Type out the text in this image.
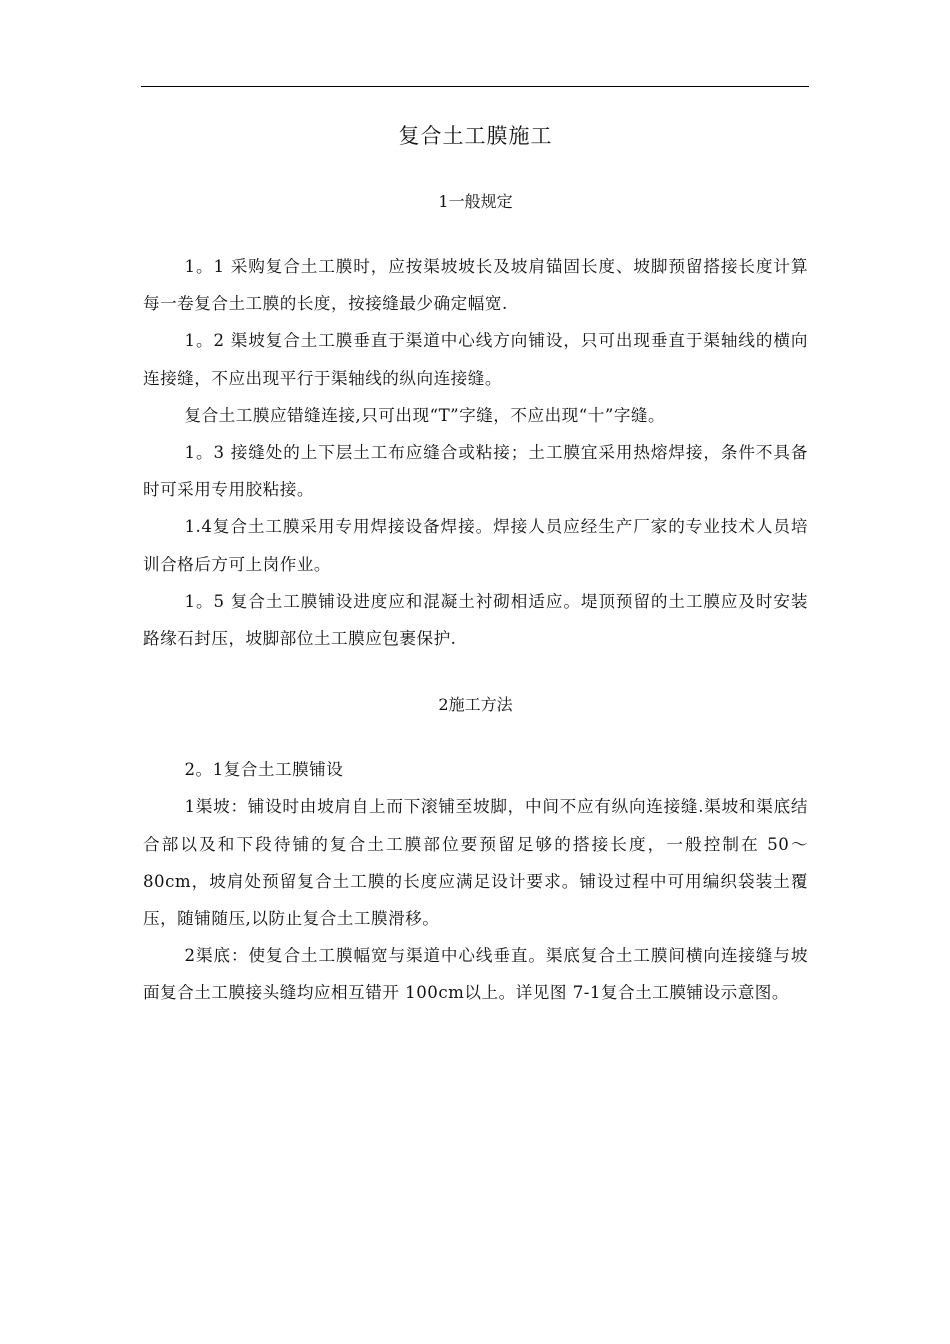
复合土工膜施工
1一般规定

1。1 采购复合土工膜时，应按渠坡坡长及坡肩锚固长度、坡脚预留搭接长度计算每一卷复合土工膜的长度，按接缝最少确定幅宽.

1。2 渠坡复合土工膜垂直于渠道中心线方向铺设，只可出现垂直于渠轴线的横向连接缝，不应出现平行于渠轴线的纵向连接缝。

复合土工膜应错缝连接,只可出现“T”字缝，不应出现“十”字缝。

1。3 接缝处的上下层土工布应缝合或粘接；土工膜宜采用热熔焊接，条件不具备时可采用专用胶粘接。

1.4复合土工膜采用专用焊接设备焊接。焊接人员应经生产厂家的专业技术人员培训合格后方可上岗作业。

1。5 复合土工膜铺设进度应和混凝土衬砌相适应。堤顶预留的土工膜应及时安装路缘石封压，坡脚部位土工膜应包裹保护.

2施工方法

2。1复合土工膜铺设

1渠坡：铺设时由坡肩自上而下滚铺至坡脚，中间不应有纵向连接缝.渠坡和渠底结合部以及和下段待铺的复合土工膜部位要预留足够的搭接长度，一般控制在 50～80cm，坡肩处预留复合土工膜的长度应满足设计要求。铺设过程中可用编织袋装土覆压，随铺随压,以防止复合土工膜滑移。

2渠底：使复合土工膜幅宽与渠道中心线垂直。渠底复合土工膜间横向连接缝与坡面复合土工膜接头缝均应相互错开 100cm以上。详见图 7-1复合土工膜铺设示意图。
